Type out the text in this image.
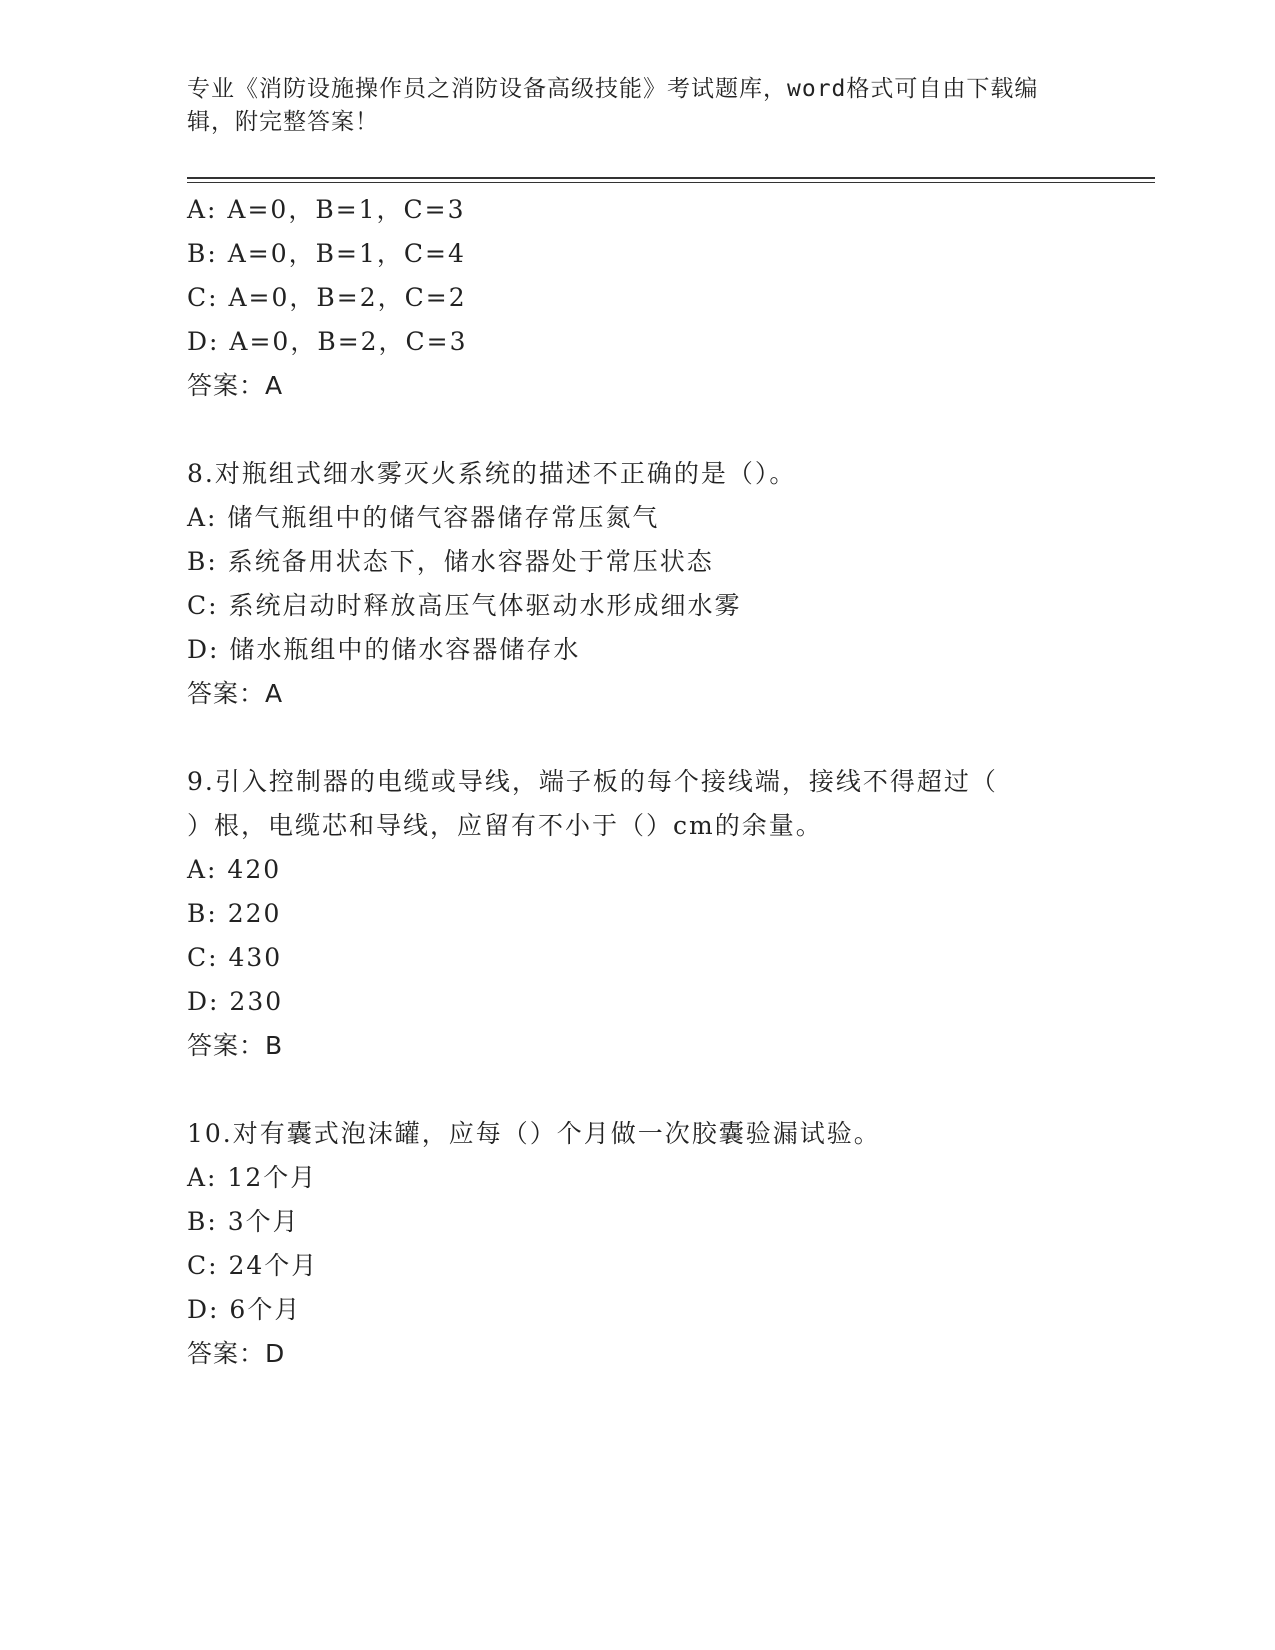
专业《消防设施操作员之消防设备高级技能》考试题库，word格式可自由下载编
辑，附完整答案！
A: A=0，B=1，C=3
B: A=0，B=1，C=4
C: A=0，B=2，C=2
D: A=0，B=2，C=3
答案：A
8.对瓶组式细水雾灭火系统的描述不正确的是（）。
A: 储气瓶组中的储气容器储存常压氮气
B: 系统备用状态下，储水容器处于常压状态
C: 系统启动时释放高压气体驱动水形成细水雾
D: 储水瓶组中的储水容器储存水
答案：A
9.引入控制器的电缆或导线，端子板的每个接线端，接线不得超过（
）根，电缆芯和导线，应留有不小于（）cm的余量。
A: 420
B: 220
C: 430
D: 230
答案：B
10.对有囊式泡沫罐，应每（）个月做一次胶囊验漏试验。
A: 12个月
B: 3个月
C: 24个月
D: 6个月
答案：D
